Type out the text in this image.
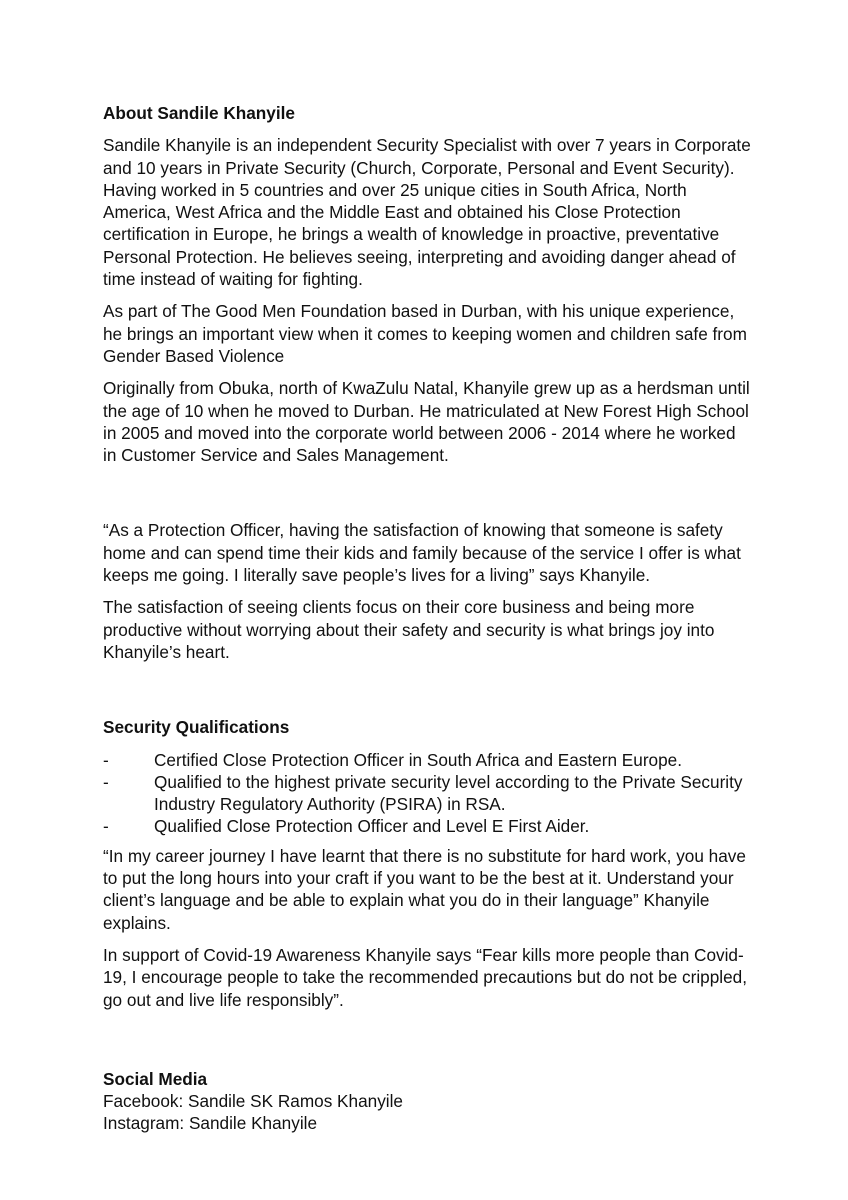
About Sandile Khanyile

Sandile Khanyile is an independent Security Specialist with over 7 years in Corporate and 10 years in Private Security (Church, Corporate, Personal and Event Security). Having worked in 5 countries and over 25 unique cities in South Africa, North America, West Africa and the Middle East and obtained his Close Protection certification in Europe, he brings a wealth of knowledge in proactive, preventative Personal Protection. He believes seeing, interpreting and avoiding danger ahead of time instead of waiting for fighting.

As part of The Good Men Foundation based in Durban, with his unique experience, he brings an important view when it comes to keeping women and children safe from Gender Based Violence

Originally from Obuka, north of KwaZulu Natal, Khanyile grew up as a herdsman until the age of 10 when he moved to Durban. He matriculated at New Forest High School in 2005 and moved into the corporate world between 2006 - 2014 where he worked in Customer Service and Sales Management.

“As a Protection Officer, having the satisfaction of knowing that someone is safety home and can spend time their kids and family because of the service I offer is what keeps me going. I literally save people’s lives for a living” says Khanyile.

The satisfaction of seeing clients focus on their core business and being more productive without worrying about their safety and security is what brings joy into Khanyile’s heart.

Security Qualifications
-	Certified Close Protection Officer in South Africa and Eastern Europe.
-	Qualified to the highest private security level according to the Private Security Industry Regulatory Authority (PSIRA) in RSA.
-	Qualified Close Protection Officer and Level E First Aider.

“In my career journey I have learnt that there is no substitute for hard work, you have to put the long hours into your craft if you want to be the best at it. Understand your client’s language and be able to explain what you do in their language” Khanyile explains.

In support of Covid-19 Awareness Khanyile says “Fear kills more people than Covid-19, I encourage people to take the recommended precautions but do not be crippled, go out and live life responsibly”.

Social Media
Facebook: Sandile SK Ramos Khanyile
Instagram: Sandile Khanyile
